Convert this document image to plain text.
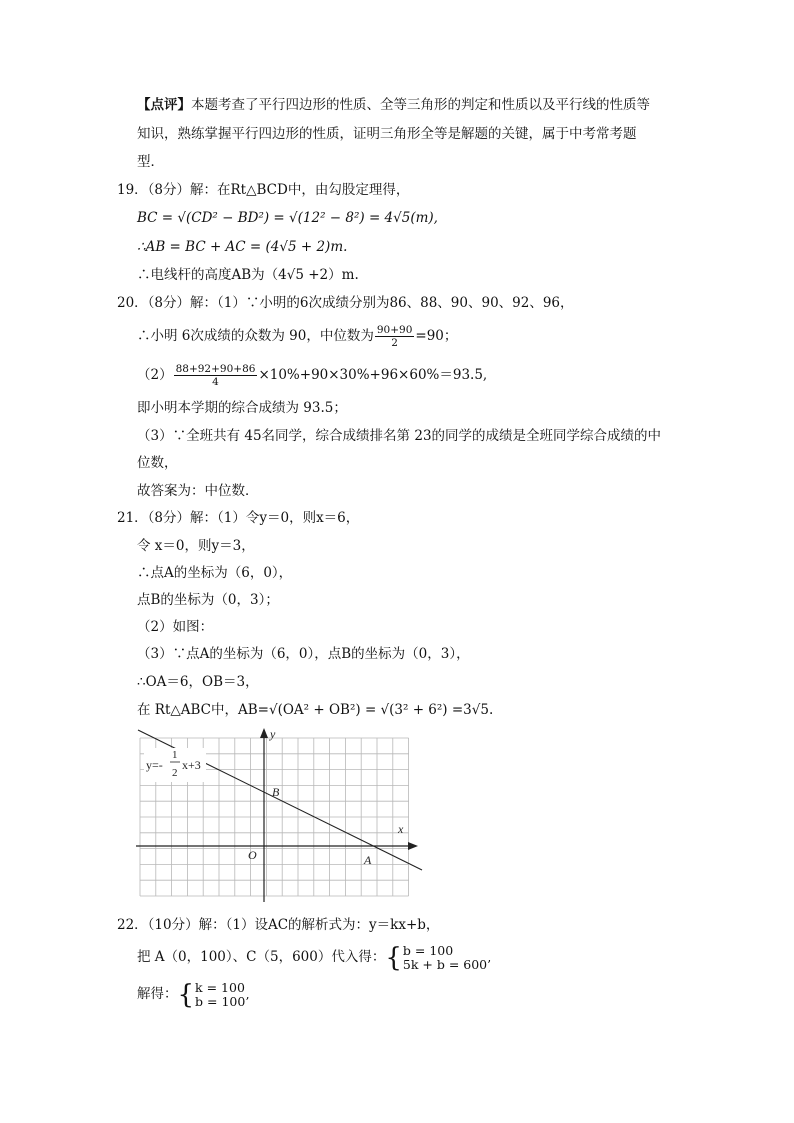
【点评】本题考查了平行四边形的性质、全等三角形的判定和性质以及平行线的性质等
知识，熟练掌握平行四边形的性质，证明三角形全等是解题的关键，属于中考常考题
型．
19．（8分）解：在Rt△BCD中，由勾股定理得，
BC = √(CD² − BD²) = √(12² − 8²) = 4√5(m),
∴AB = BC + AC = (4√5 + 2)m.
∴电线杆的高度AB为（4√5 +2）m.
20．（8分）解：（1）∵小明的6次成绩分别为86、88、90、90、92、96，
∴小明 6次成绩的众数为 90，中位数为 $\frac{90+90}{2} =90$；
$(2) \frac{88+92+90+86}{4} \times 10\%+90\times 30\%+96\times 60\%=93.5$,
即小明本学期的综合成绩为 93.5；
（3）∵全班共有 45名同学，综合成绩排名第 23的同学的成绩是全班同学综合成绩的中
位数，
故答案为：中位数．
21．（8分）解：（1）令y＝0，则x＝6，
令 x＝0，则y＝3，
∴点A的坐标为（6，0），
点B的坐标为（0，3）；
（2）如图：
（3）∵点A的坐标为（6，0），点B的坐标为（0，3），
∴OA＝6，OB＝3，
在 Rt△ABC中，AB=√(OA² + OB²) = √(3² + 6²) =3√5.
y
x
O	A
B
y=-
1
2
x+3
22．（10分）解：（1）设AC的解析式为：y＝kx+b，
把 A（0，100）、C（5，600）代入得：{ b = 100
5k + b = 600’
解得：{ k = 100
b = 100’
